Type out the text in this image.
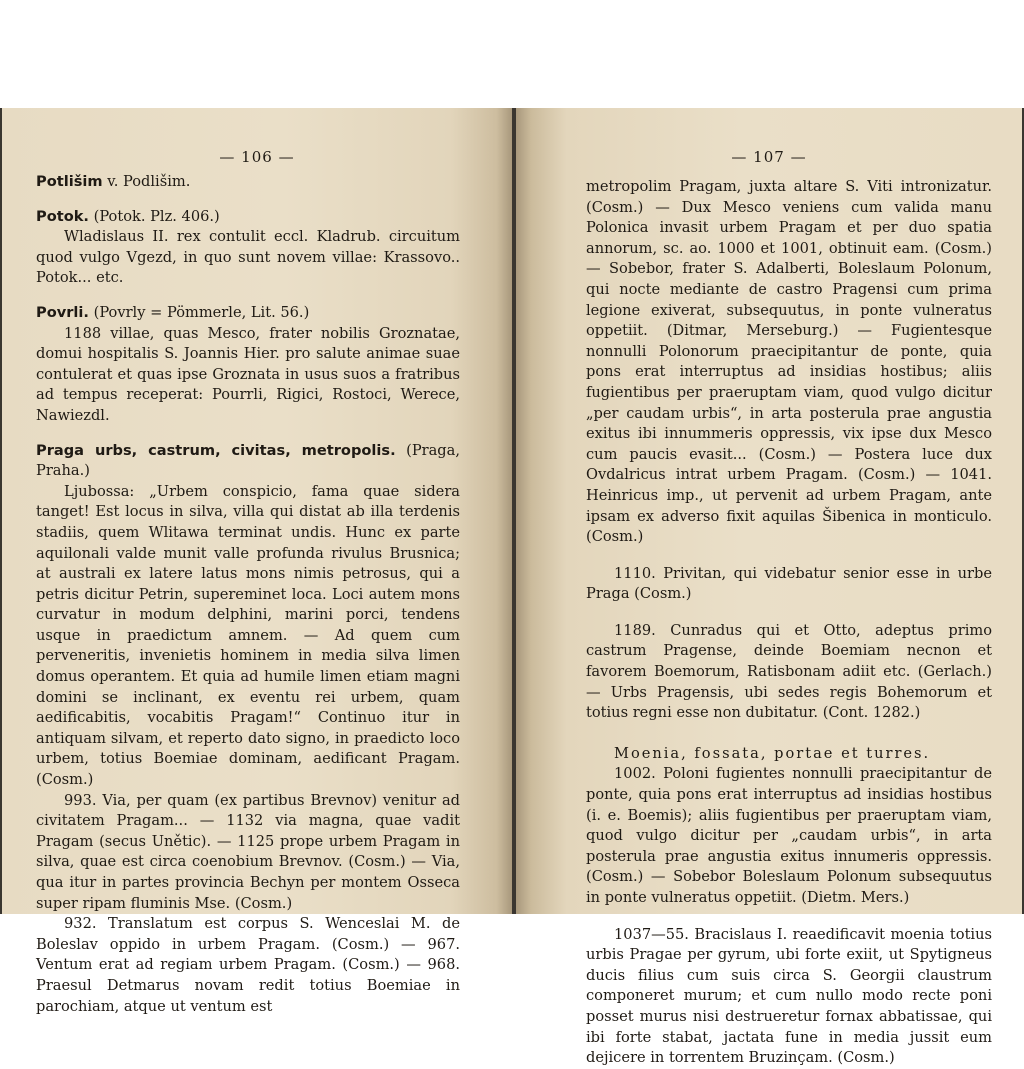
— 106 —
Potlišim v. Podlišim.
Potok. (Potok. Plz. 406.)

Wladislaus II. rex contulit eccl. Kladrub. circuitum quod vulgo Vgezd, in quo sunt novem villae: Krassovo.. Potok... etc.

Povrli. (Povrly = Pömmerle, Lit. 56.)

1188 villae, quas Mesco, frater nobilis Groznatae, domui hospitalis S. Joannis Hier. pro salute animae suae contulerat et quas ipse Groznata in usus suos a fratribus ad tempus receperat: Pourrli, Rigici, Rostoci, Werece, Nawiezdl.

Praga urbs, castrum, civitas, metropolis. (Praga, Praha.)

Ljubossa: „Urbem conspicio, fama quae sidera tanget! Est locus in silva, villa qui distat ab illa terdenis stadiis, quem Wlitawa terminat undis. Hunc ex parte aquilonali valde munit valle profunda rivulus Brusnica; at australi ex latere latus mons nimis petrosus, qui a petris dicitur Petrin, supereminet loca. Loci autem mons curvatur in modum delphini, marini porci, tendens usque in praedictum amnem. — Ad quem cum perveneritis, invenietis hominem in media silva limen domus operantem. Et quia ad humile limen etiam magni domini se inclinant, ex eventu rei urbem, quam aedificabitis, vocabitis Pragam!“ Continuo itur in antiquam silvam, et reperto dato signo, in praedicto loco urbem, totius Boemiae dominam, aedificant Pragam. (Cosm.)

993. Via, per quam (ex partibus Brevnov) venitur ad civitatem Pragam... — 1132 via magna, quae vadit Pragam (secus Unětic). — 1125 prope urbem Pragam in silva, quae est circa coenobium Brevnov. (Cosm.) — Via, qua itur in partes provincia Bechyn per montem Osseca super ripam fluminis Mse. (Cosm.)

932. Translatum est corpus S. Wenceslai M. de Boleslav oppido in urbem Pragam. (Cosm.) — 967. Ventum erat ad regiam urbem Pragam. (Cosm.) — 968. Praesul Detmarus novam redit totius Boemiae in parochiam, atque ut ventum est

— 107 —
metropolim Pragam, juxta altare S. Viti intronizatur. (Cosm.) — Dux Mesco veniens cum valida manu Polonica invasit urbem Pragam et per duo spatia annorum, sc. ao. 1000 et 1001, obtinuit eam. (Cosm.) — Sobebor, frater S. Adalberti, Boleslaum Polonum, qui nocte mediante de castro Pragensi cum prima legione exiverat, subsequutus, in ponte vulneratus oppetiit. (Ditmar, Merseburg.) — Fugientesque nonnulli Polonorum praecipitantur de ponte, quia pons erat interruptus ad insidias hostibus; aliis fugientibus per praeruptam viam, quod vulgo dicitur „per caudam urbis“, in arta posterula prae angustia exitus ibi innummeris oppressis, vix ipse dux Mesco cum paucis evasit... (Cosm.) — Postera luce dux Ovdalricus intrat urbem Pragam. (Cosm.) — 1041. Heinricus imp., ut pervenit ad urbem Pragam, ante ipsam ex adverso fixit aquilas Šibenica in monticulo. (Cosm.)

1110. Privitan, qui videbatur senior esse in urbe Praga (Cosm.)

1189. Cunradus qui et Otto, adeptus primo castrum Pragense, deinde Boemiam necnon et favorem Boemorum, Ratisbonam adiit etc. (Gerlach.) — Urbs Pragensis, ubi sedes regis Bohemorum et totius regni esse non dubitatur. (Cont. 1282.)

Moenia, fossata, portae et turres.

1002. Poloni fugientes nonnulli praecipitantur de ponte, quia pons erat interruptus ad insidias hostibus (i. e. Boemis); aliis fugientibus per praeruptam viam, quod vulgo dicitur per „caudam urbis“, in arta posterula prae angustia exitus innumeris oppressis. (Cosm.) — Sobebor Boleslaum Polonum subsequutus in ponte vulneratus oppetiit. (Dietm. Mers.)

1037—55. Bracislaus I. reaedificavit moenia totius urbis Pragae per gyrum, ubi forte exiit, ut Spytigneus ducis filius cum suis circa S. Georgii claustrum componeret murum; et cum nullo modo recte poni posset murus nisi destrueretur fornax abbatissae, qui ibi forte stabat, jactata fune in media jussit eum dejicere in torrentem Bruzinçam. (Cosm.)
